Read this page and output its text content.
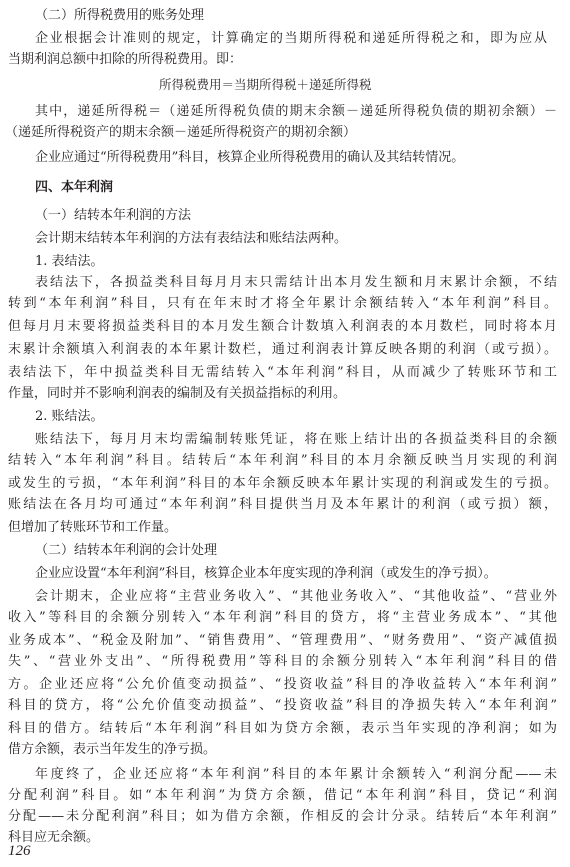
（二）所得税费用的账务处理
企业根据会计准则的规定，计算确定的当期所得税和递延所得税之和，即为应从
当期利润总额中扣除的所得税费用。即：
所得税费用＝当期所得税＋递延所得税
其中，递延所得税＝（递延所得税负债的期末余额－递延所得税负债的期初余额）－
（递延所得税资产的期末余额－递延所得税资产的期初余额）
企业应通过“所得税费用”科目，核算企业所得税费用的确认及其结转情况。
四、本年利润
（一）结转本年利润的方法
会计期末结转本年利润的方法有表结法和账结法两种。
1. 表结法。
表结法下，各损益类科目每月月末只需结计出本月发生额和月末累计余额，不结
转到“本年利润”科目，只有在年末时才将全年累计余额结转入“本年利润”科目。
但每月月末要将损益类科目的本月发生额合计数填入利润表的本月数栏，同时将本月
末累计余额填入利润表的本年累计数栏，通过利润表计算反映各期的利润（或亏损）。
表结法下，年中损益类科目无需结转入“本年利润”科目，从而减少了转账环节和工
作量，同时并不影响利润表的编制及有关损益指标的利用。
2. 账结法。
账结法下，每月月末均需编制转账凭证，将在账上结计出的各损益类科目的余额
结转入“本年利润”科目。结转后“本年利润”科目的本月余额反映当月实现的利润
或发生的亏损，“本年利润”科目的本年余额反映本年累计实现的利润或发生的亏损。
账结法在各月均可通过“本年利润”科目提供当月及本年累计的利润（或亏损）额，
但增加了转账环节和工作量。
（二）结转本年利润的会计处理
企业应设置“本年利润”科目，核算企业本年度实现的净利润（或发生的净亏损）。
会计期末，企业应将“主营业务收入”、“其他业务收入”、“其他收益”、“营业外
收入”等科目的余额分别转入“本年利润”科目的贷方，将“主营业务成本”、“其他
业务成本”、“税金及附加”、“销售费用”、“管理费用”、“财务费用”、“资产减值损
失”、“营业外支出”、“所得税费用”等科目的余额分别转入“本年利润”科目的借
方。企业还应将“公允价值变动损益”、“投资收益”科目的净收益转入“本年利润”
科目的贷方，将“公允价值变动损益”、“投资收益”科目的净损失转入“本年利润”
科目的借方。结转后“本年利润”科目如为贷方余额，表示当年实现的净利润；如为
借方余额，表示当年发生的净亏损。
年度终了，企业还应将“本年利润”科目的本年累计余额转入“利润分配——未
分配利润”科目。如“本年利润”为贷方余额，借记“本年利润”科目，贷记“利润
分配——未分配利润”科目；如为借方余额，作相反的会计分录。结转后“本年利润”
科目应无余额。
126
